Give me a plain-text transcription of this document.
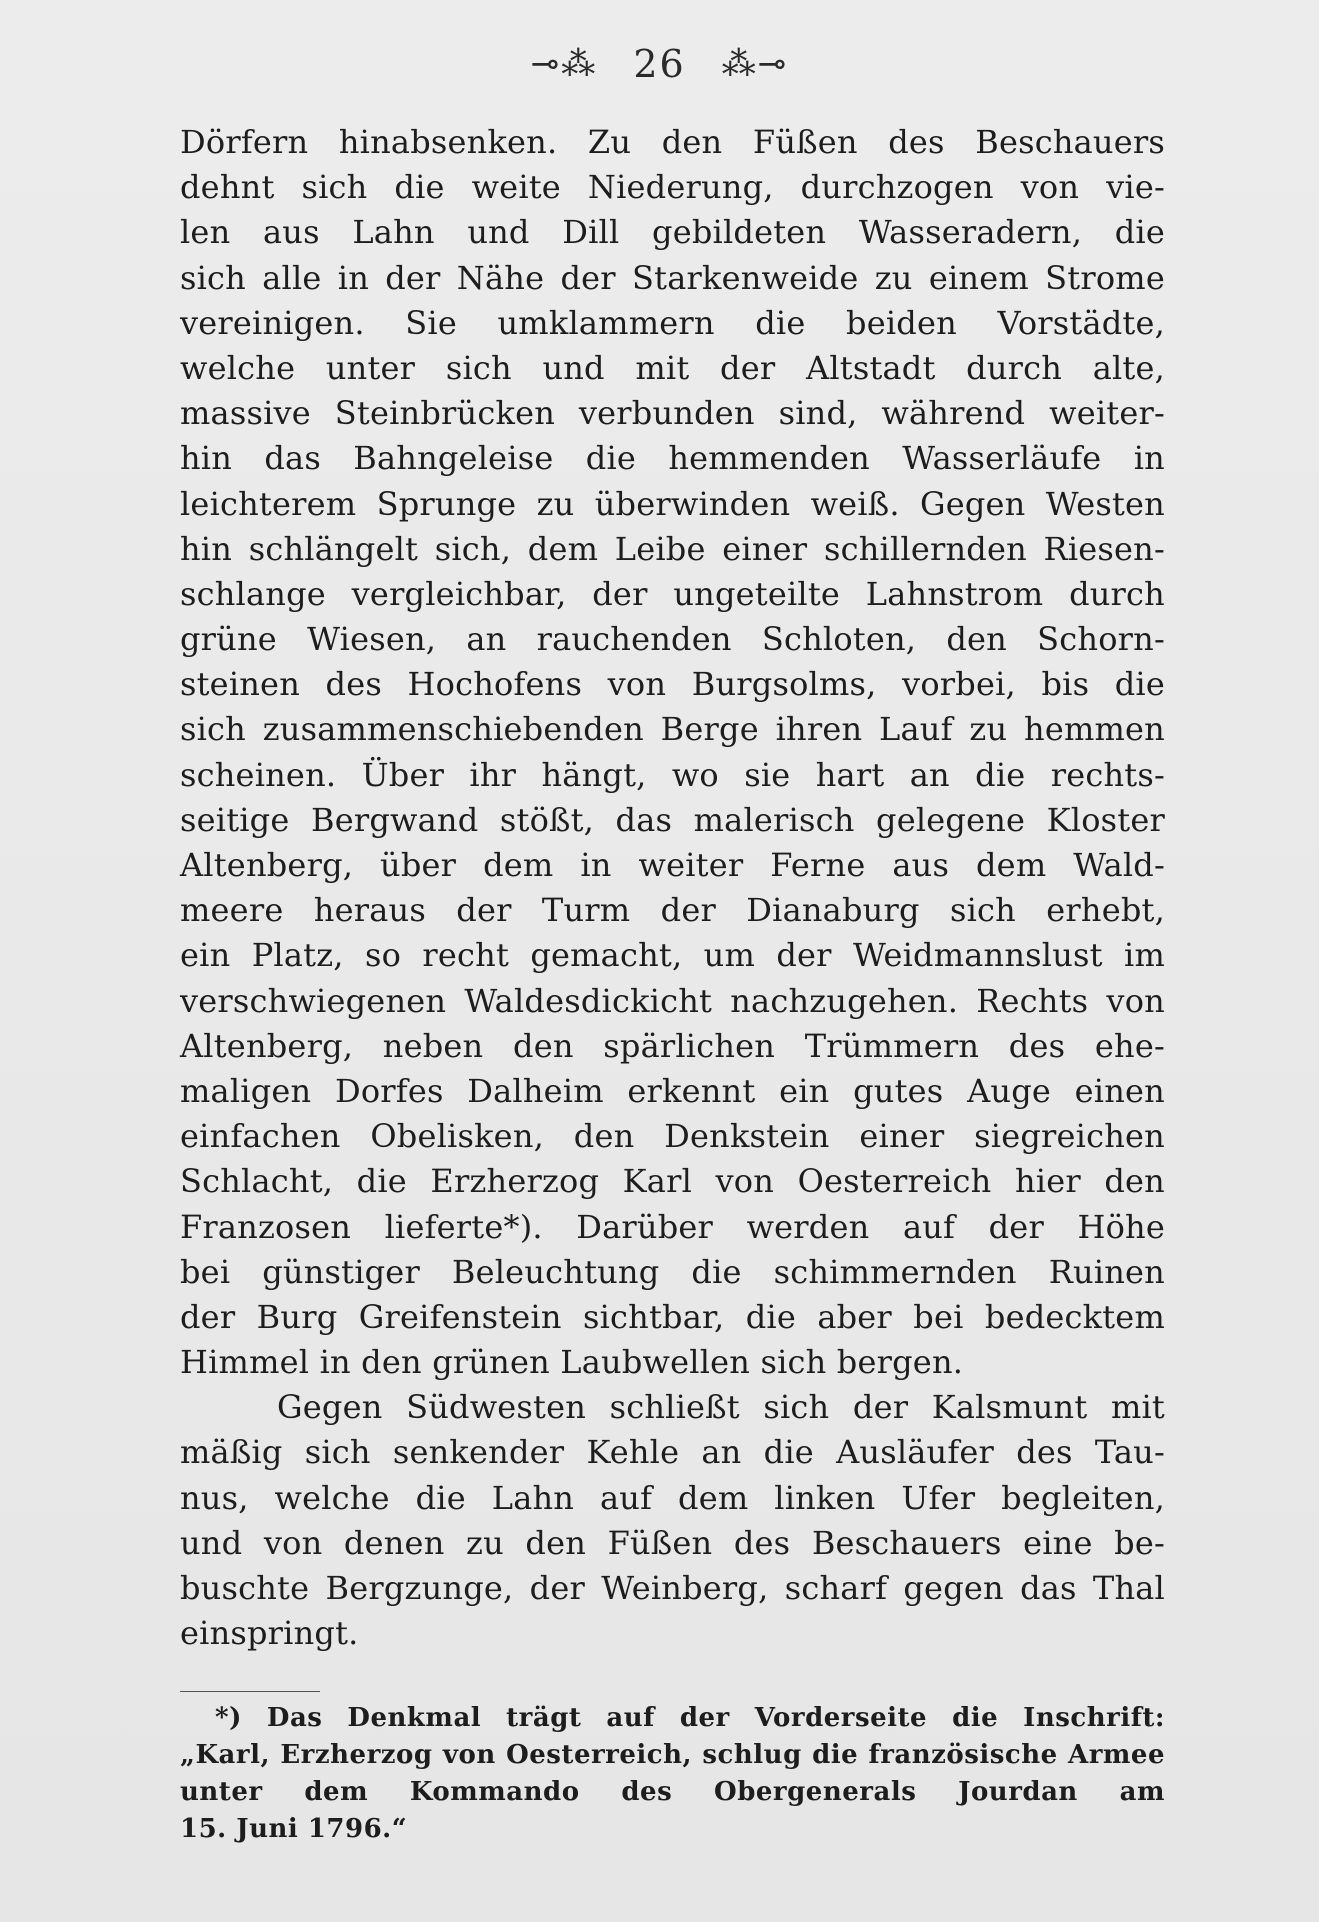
⊸⁂ 26 ⁂⊸
Dörfern hinabsenken. Zu den Füßen des Beschauers
dehnt sich die weite Niederung, durchzogen von vie-
len aus Lahn und Dill gebildeten Wasseradern, die
sich alle in der Nähe der Starkenweide zu einem Strome
vereinigen. Sie umklammern die beiden Vorstädte,
welche unter sich und mit der Altstadt durch alte,
massive Steinbrücken verbunden sind, während weiter-
hin das Bahngeleise die hemmenden Wasserläufe in
leichterem Sprunge zu überwinden weiß. Gegen Westen
hin schlängelt sich, dem Leibe einer schillernden Riesen-
schlange vergleichbar, der ungeteilte Lahnstrom durch
grüne Wiesen, an rauchenden Schloten, den Schorn-
steinen des Hochofens von Burgsolms, vorbei, bis die
sich zusammenschiebenden Berge ihren Lauf zu hemmen
scheinen. Über ihr hängt, wo sie hart an die rechts-
seitige Bergwand stößt, das malerisch gelegene Kloster
Altenberg, über dem in weiter Ferne aus dem Wald-
meere heraus der Turm der Dianaburg sich erhebt,
ein Platz, so recht gemacht, um der Weidmannslust im
verschwiegenen Waldesdickicht nachzugehen. Rechts von
Altenberg, neben den spärlichen Trümmern des ehe-
maligen Dorfes Dalheim erkennt ein gutes Auge einen
einfachen Obelisken, den Denkstein einer siegreichen
Schlacht, die Erzherzog Karl von Oesterreich hier den
Franzosen lieferte*). Darüber werden auf der Höhe
bei günstiger Beleuchtung die schimmernden Ruinen
der Burg Greifenstein sichtbar, die aber bei bedecktem
Himmel in den grünen Laubwellen sich bergen.
Gegen Südwesten schließt sich der Kalsmunt mit
mäßig sich senkender Kehle an die Ausläufer des Tau-
nus, welche die Lahn auf dem linken Ufer begleiten,
und von denen zu den Füßen des Beschauers eine be-
buschte Bergzunge, der Weinberg, scharf gegen das Thal
einspringt.
*) Das Denkmal trägt auf der Vorderseite die Inschrift:
„Karl, Erzherzog von Oesterreich, schlug die französische Armee
unter dem Kommando des Obergenerals Jourdan am
15. Juni 1796.“
